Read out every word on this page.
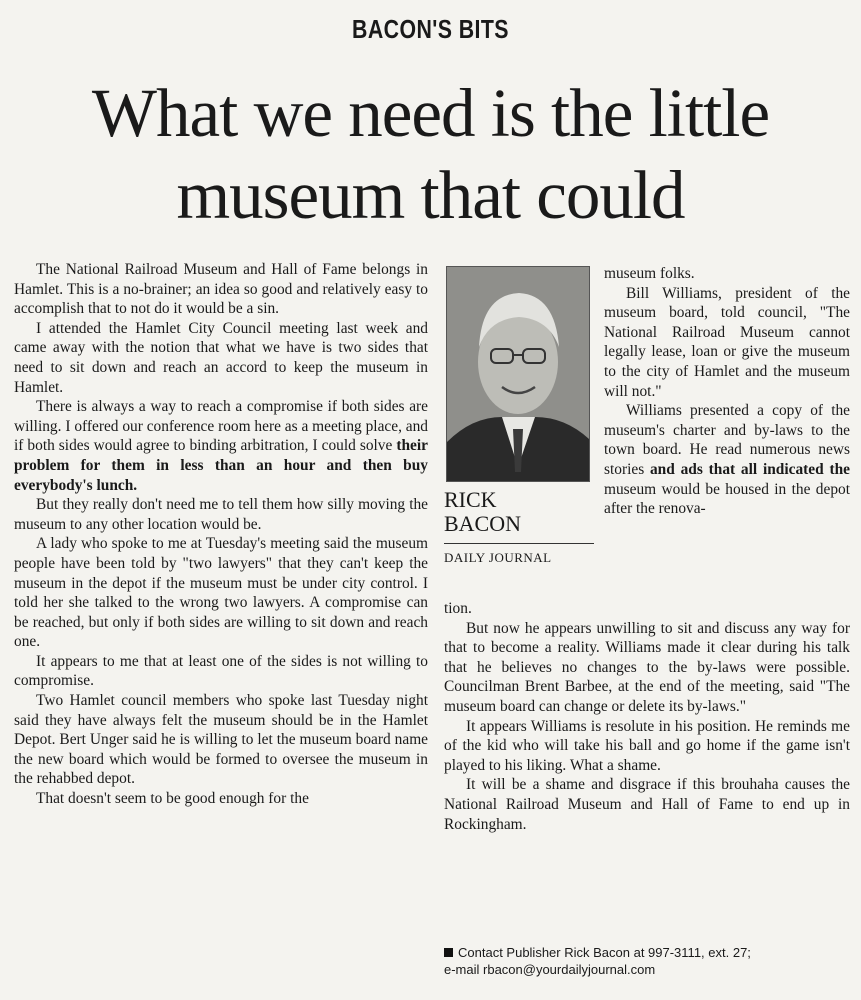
BACON'S BITS
What we need is the little
museum that could

The National Railroad Museum and Hall of Fame belongs in Hamlet. This is a no-brainer; an idea so good and relatively easy to accomplish that to not do it would be a sin.

I attended the Hamlet City Council meeting last week and came away with the notion that what we have is two sides that need to sit down and reach an accord to keep the museum in Hamlet.

There is always a way to reach a compromise if both sides are willing. I offered our conference room here as a meeting place, and if both sides would agree to binding arbitration, I could solve their problem for them in less than an hour and then buy everybody's lunch.

But they really don't need me to tell them how silly moving the museum to any other location would be.

A lady who spoke to me at Tuesday's meeting said the museum people have been told by "two lawyers" that they can't keep the museum in the depot if the museum must be under city control. I told her she talked to the wrong two lawyers. A compromise can be reached, but only if both sides are willing to sit down and reach one.

It appears to me that at least one of the sides is not willing to compromise.

Two Hamlet council members who spoke last Tuesday night said they have always felt the museum should be in the Hamlet Depot. Bert Unger said he is willing to let the museum board name the new board which would be formed to oversee the museum in the rehabbed depot.

That doesn't seem to be good enough for the

RICK
BACON
DAILY JOURNAL

museum folks.

Bill Williams, president of the museum board, told council, "The National Railroad Museum cannot legally lease, loan or give the museum to the city of Hamlet and the museum will not."

Williams presented a copy of the museum's charter and by-laws to the town board. He read numerous news stories and ads that all indicated the museum would be housed in the depot after the renova-

tion.

But now he appears unwilling to sit and discuss any way for that to become a reality. Williams made it clear during his talk that he believes no changes to the by-laws were possible. Councilman Brent Barbee, at the end of the meeting, said "The museum board can change or delete its by-laws."

It appears Williams is resolute in his position. He reminds me of the kid who will take his ball and go home if the game isn't played to his liking. What a shame.

It will be a shame and disgrace if this brouhaha causes the National Railroad Museum and Hall of Fame to end up in Rockingham.

Contact Publisher Rick Bacon at 997-3111, ext. 27;
e-mail rbacon@yourdailyjournal.com
